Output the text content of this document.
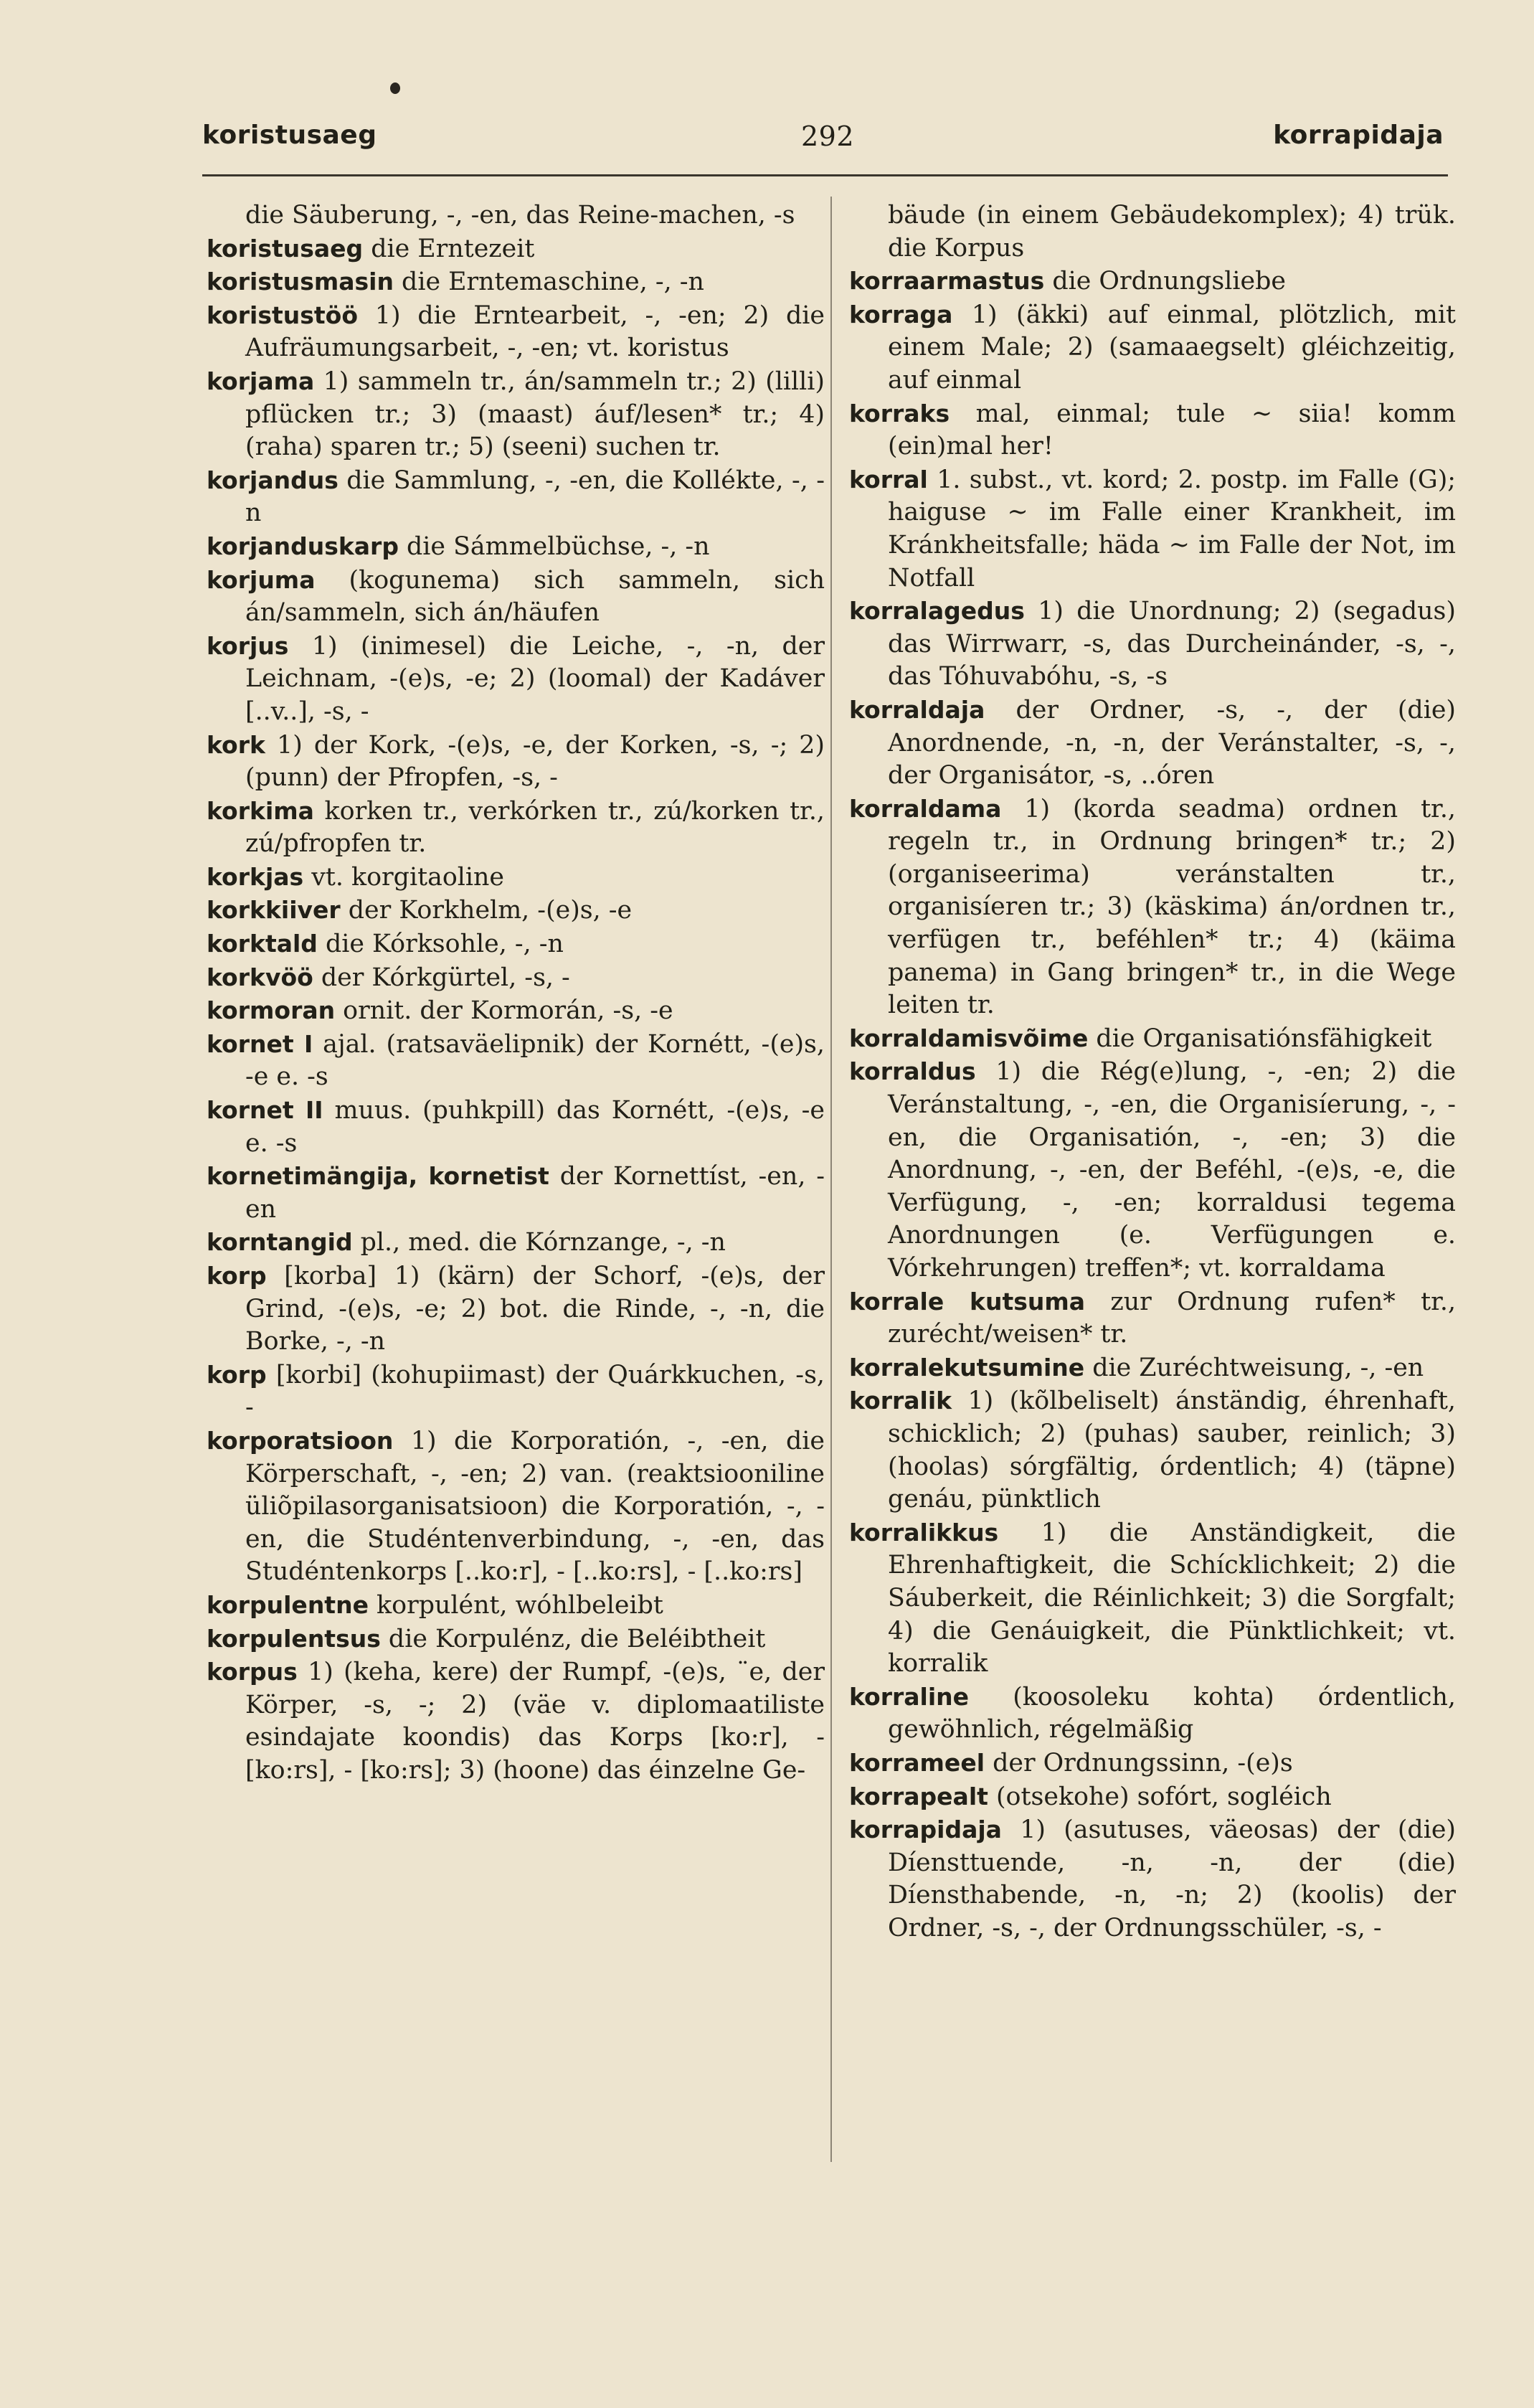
koristusaeg	292	korrapidaja

die Säuberung, -, -en, das Reine-machen, -s

koristusaeg die Erntezeit

koristusmasin die Erntemaschine, -, -n

koristustöö 1) die Erntearbeit, -, -en; 2) die Aufräumungsarbeit, -, -en; vt. koristus

korjama 1) sammeln tr., án/sammeln tr.; 2) (lilli) pflücken tr.; 3) (maast) áuf/lesen* tr.; 4) (raha) sparen tr.; 5) (seeni) suchen tr.

korjandus die Sammlung, -, -en, die Kollékte, -, -n

korjanduskarp die Sámmelbüchse, -, -n

korjuma (kogunema) sich sammeln, sich án/sammeln, sich án/häufen

korjus 1) (inimesel) die Leiche, -, -n, der Leichnam, -(e)s, -e; 2) (loomal) der Kadáver [..v..], -s, -

kork 1) der Kork, -(e)s, -e, der Korken, -s, -; 2) (punn) der Pfropfen, -s, -

korkima korken tr., verkórken tr., zú/korken tr., zú/pfropfen tr.

korkjas vt. korgitaoline

korkkiiver der Korkhelm, -(e)s, -e

korktald die Kórksohle, -, -n

korkvöö der Kórkgürtel, -s, -

kormoran ornit. der Kormorán, -s, -e

kornet I ajal. (ratsaväelipnik) der Kornétt, -(e)s, -e e. -s

kornet II muus. (puhkpill) das Kornétt, -(e)s, -e e. -s

kornetimängija, kornetist der Kornettíst, -en, -en

korntangid pl., med. die Kórnzange, -, -n

korp [korba] 1) (kärn) der Schorf, -(e)s, der Grind, -(e)s, -e; 2) bot. die Rinde, -, -n, die Borke, -, -n

korp [korbi] (kohupiimast) der Quárkkuchen, -s, -

korporatsioon 1) die Korporatión, -, -en, die Körperschaft, -, -en; 2) van. (reaktsiooniline üliõpilasorganisatsioon) die Korporatión, -, -en, die Studéntenverbindung, -, -en, das Studéntenkorps [..ko:r], - [..ko:rs], - [..ko:rs]

korpulentne korpulént, wóhlbeleibt

korpulentsus die Korpulénz, die Beléibtheit

korpus 1) (keha, kere) der Rumpf, -(e)s, ¨e, der Körper, -s, -; 2) (väe v. diplomaatiliste esindajate koondis) das Korps [ko:r], - [ko:rs], - [ko:rs]; 3) (hoone) das éinzelne Ge-

bäude (in einem Gebäudekomplex); 4) trük. die Korpus

korraarmastus die Ordnungsliebe

korraga 1) (äkki) auf einmal, plötzlich, mit einem Male; 2) (samaaegselt) gléichzeitig, auf einmal

korraks mal, einmal; tule ~ siia! komm (ein)mal her!

korral 1. subst., vt. kord; 2. postp. im Falle (G); haiguse ~ im Falle einer Krankheit, im Kránkheitsfalle; häda ~ im Falle der Not, im Notfall

korralagedus 1) die Unordnung; 2) (segadus) das Wirrwarr, -s, das Durcheinánder, -s, -, das Tóhuvabóhu, -s, -s

korraldaja der Ordner, -s, -, der (die) Anordnende, -n, -n, der Veránstalter, -s, -, der Organisátor, -s, ..óren

korraldama 1) (korda seadma) ordnen tr., regeln tr., in Ordnung bringen* tr.; 2) (organiseerima) veránstalten tr., organisíeren tr.; 3) (käskima) án/ordnen tr., verfügen tr., beféhlen* tr.; 4) (käima panema) in Gang bringen* tr., in die Wege leiten tr.

korraldamisvõime die Organisatiónsfähigkeit

korraldus 1) die Rég(e)lung, -, -en; 2) die Veránstaltung, -, -en, die Organisíerung, -, -en, die Organisatión, -, -en; 3) die Anordnung, -, -en, der Beféhl, -(e)s, -e, die Verfügung, -, -en; korraldusi tegema Anordnungen (e. Verfügungen e. Vórkehrungen) treffen*; vt. korraldama

korrale kutsuma zur Ordnung rufen* tr., zurécht/weisen* tr.

korralekutsumine die Zuréchtweisung, -, -en

korralik 1) (kõlbeliselt) ánständig, éhrenhaft, schicklich; 2) (puhas) sauber, reinlich; 3) (hoolas) sórgfältig, órdentlich; 4) (täpne) genáu, pünktlich

korralikkus 1) die Anständigkeit, die Ehrenhaftigkeit, die Schícklichkeit; 2) die Sáuberkeit, die Réinlichkeit; 3) die Sorgfalt; 4) die Genáuigkeit, die Pünktlichkeit; vt. korralik

korraline (koosoleku kohta) órdentlich, gewöhnlich, régelmäßig

korrameel der Ordnungssinn, -(e)s

korrapealt (otsekohe) sofórt, sogléich

korrapidaja 1) (asutuses, väeosas) der (die) Díensttuende, -n, -n, der (die) Díensthabende, -n, -n; 2) (koolis) der Ordner, -s, -, der Ordnungsschüler, -s, -
